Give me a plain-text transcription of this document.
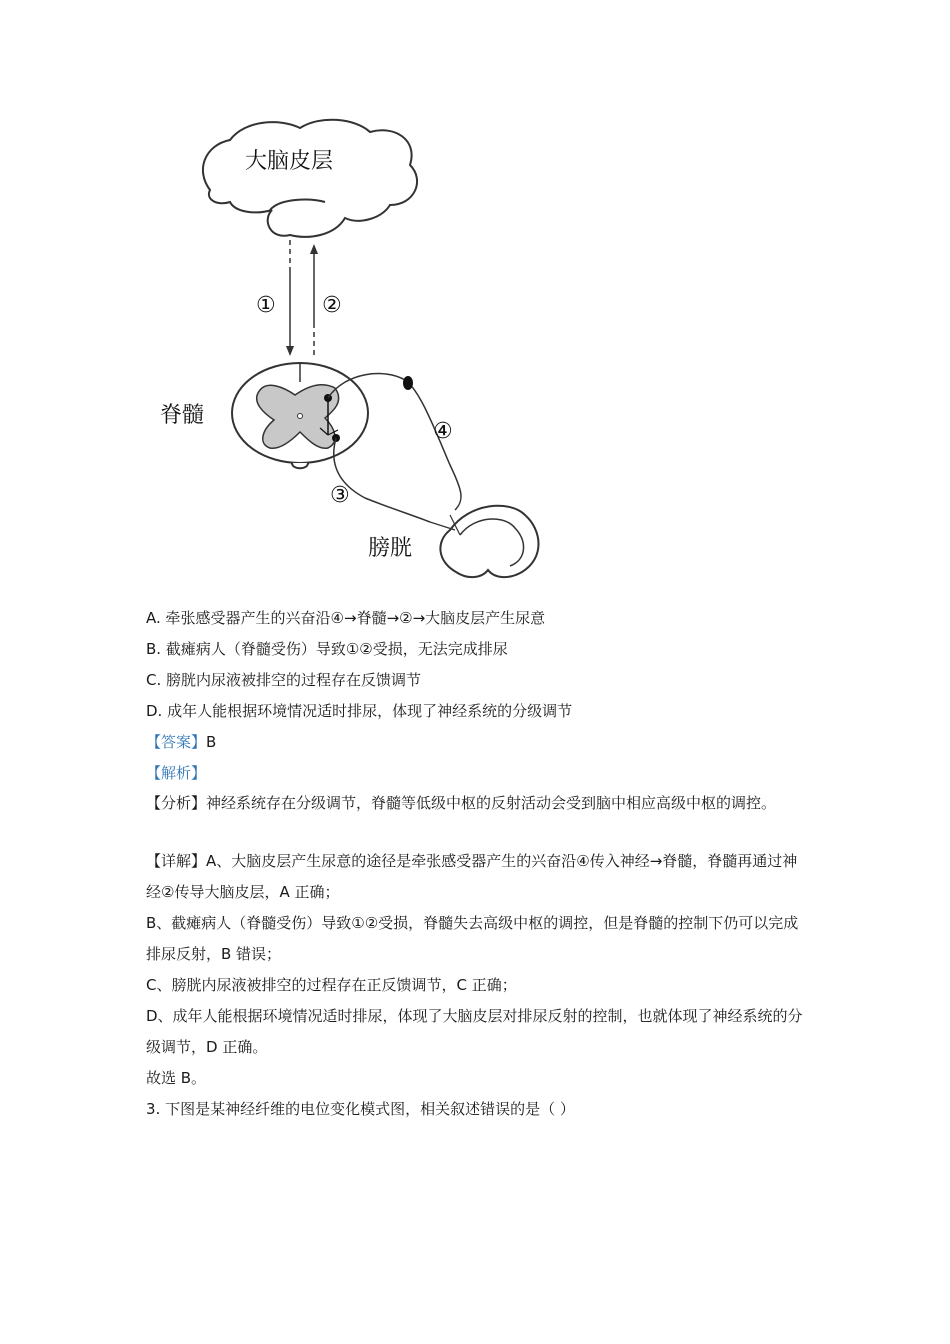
大脑皮层
① ②
脊髓
④
③
膀胱
A. 牵张感受器产生的兴奋沿④→脊髓→②→大脑皮层产生尿意
B. 截瘫病人（脊髓受伤）导致①②受损，无法完成排尿
C. 膀胱内尿液被排空的过程存在反馈调节
D. 成年人能根据环境情况适时排尿，体现了神经系统的分级调节
【答案】B
【解析】
【分析】神经系统存在分级调节，脊髓等低级中枢的反射活动会受到脑中相应高级中枢的调控。
【详解】A、大脑皮层产生尿意的途径是牵张感受器产生的兴奋沿④传入神经→脊髓，脊髓再通过神经②传导大脑皮层，A 正确；
B、截瘫病人（脊髓受伤）导致①②受损，脊髓失去高级中枢的调控，但是脊髓的控制下仍可以完成排尿反射，B 错误；
C、膀胱内尿液被排空的过程存在正反馈调节，C 正确；
D、成年人能根据环境情况适时排尿，体现了大脑皮层对排尿反射的控制，也就体现了神经系统的分级调节，D 正确。
故选 B。
3. 下图是某神经纤维的电位变化模式图，相关叙述错误的是（ ）
